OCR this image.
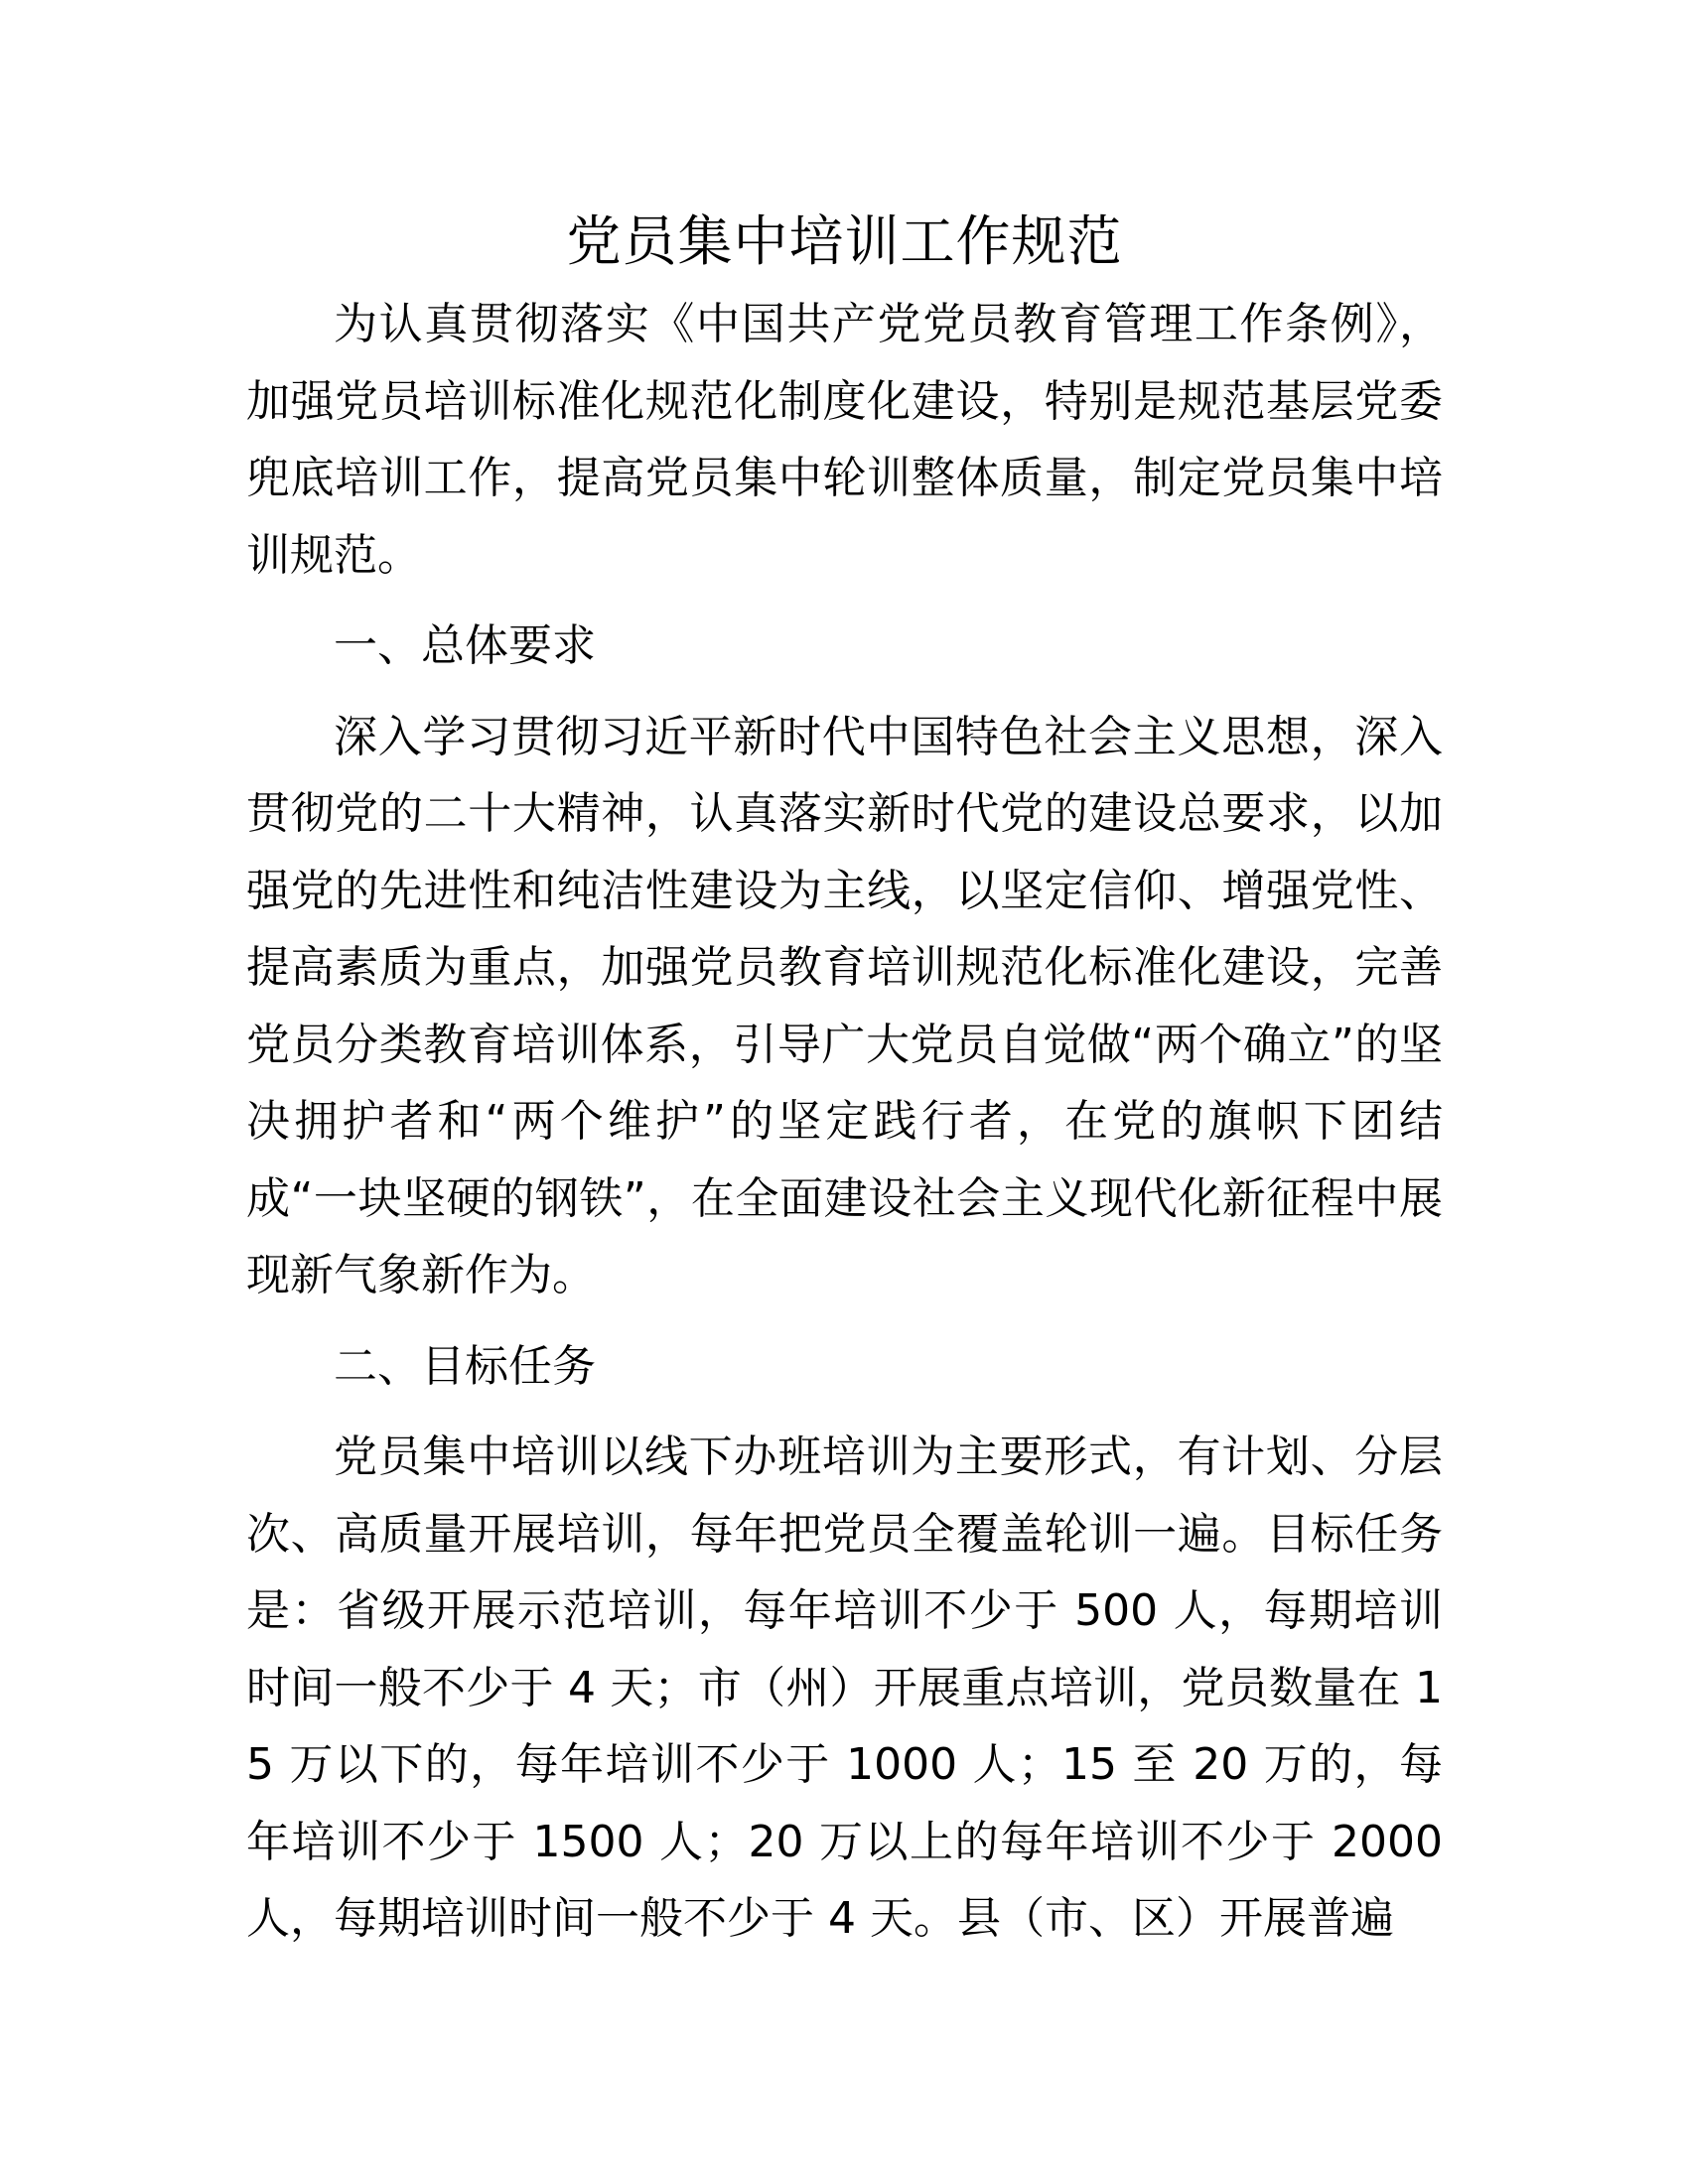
党员集中培训工作规范

为认真贯彻落实《中国共产党党员教育管理工作条例》，加强党员培训标准化规范化制度化建设，特别是规范基层党委兜底培训工作，提高党员集中轮训整体质量，制定党员集中培训规范。

一、总体要求

深入学习贯彻习近平新时代中国特色社会主义思想，深入贯彻党的二十大精神，认真落实新时代党的建设总要求，以加强党的先进性和纯洁性建设为主线，以坚定信仰、增强党性、提高素质为重点，加强党员教育培训规范化标准化建设，完善党员分类教育培训体系，引导广大党员自觉做“两个确立”的坚决拥护者和“两个维护”的坚定践行者，在党的旗帜下团结成“一块坚硬的钢铁”，在全面建设社会主义现代化新征程中展现新气象新作为。

二、目标任务

党员集中培训以线下办班培训为主要形式，有计划、分层次、高质量开展培训，每年把党员全覆盖轮训一遍。目标任务是：省级开展示范培训，每年培训不少于 500 人，每期培训时间一般不少于 4 天；市（州）开展重点培训，党员数量在 15 万以下的，每年培训不少于 1000 人；15 至 20 万的，每年培训不少于 1500 人；20 万以上的每年培训不少于 2000 人，每期培训时间一般不少于 4 天。县（市、区）开展普遍
